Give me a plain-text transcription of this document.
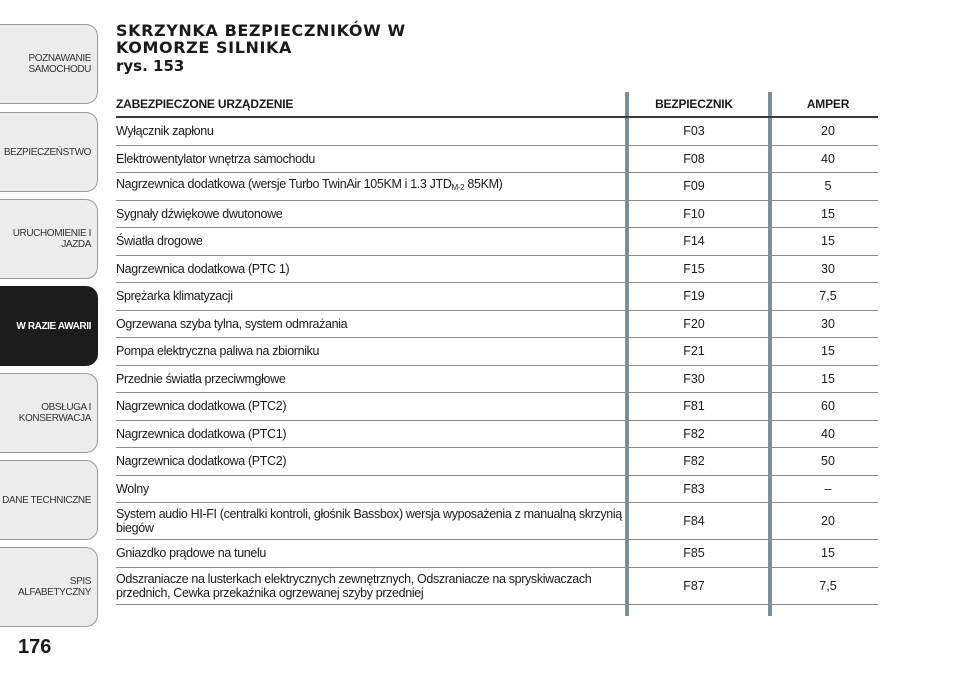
POZNAWANIE
SAMOCHODU
BEZPIECZEŃSTWO
URUCHOMIENIE I
JAZDA
W RAZIE AWARII
OBSŁUGA I
KONSERWACJA
DANE TECHNICZNE
SPIS ALFABETYCZNY
176
SKRZYNKA BEZPIECZNIKÓW W
KOMORZE SILNIKA
rys. 153
ZABEZPIECZONE URZĄDZENIE	BEZPIECZNIK	AMPER
Wyłącznik zapłonu	F03	20
Elektrowentylator wnętrza samochodu	F08	40
Nagrzewnica dodatkowa (wersje Turbo TwinAir 105KM i 1.3 $JTD_{M-2}$ 85KM)	F09	5
Sygnały dźwiękowe dwutonowe	F10	15
Światła drogowe	F14	15
Nagrzewnica dodatkowa (PTC 1)	F15	30
Sprężarka klimatyzacji	F19	7,5
Ogrzewana szyba tylna, system odmrażania	F20	30
Pompa elektryczna paliwa na zbiorniku	F21	15
Przednie światła przeciwmgłowe	F30	15
Nagrzewnica dodatkowa (PTC2)	F81	60
Nagrzewnica dodatkowa (PTC1)	F82	40
Nagrzewnica dodatkowa (PTC2)	F82	50
Wolny	F83	–
System audio HI-FI (centralki kontroli, głośnik Bassbox) wersja wyposażenia z manualną skrzynią biegów	F84	20
Gniazdko prądowe na tunelu	F85	15
Odszraniacze na lusterkach elektrycznych zewnętrznych, Odszraniacze na spryskiwaczach przednich, Cewka przekaźnika ogrzewanej szyby przedniej	F87	7,5
